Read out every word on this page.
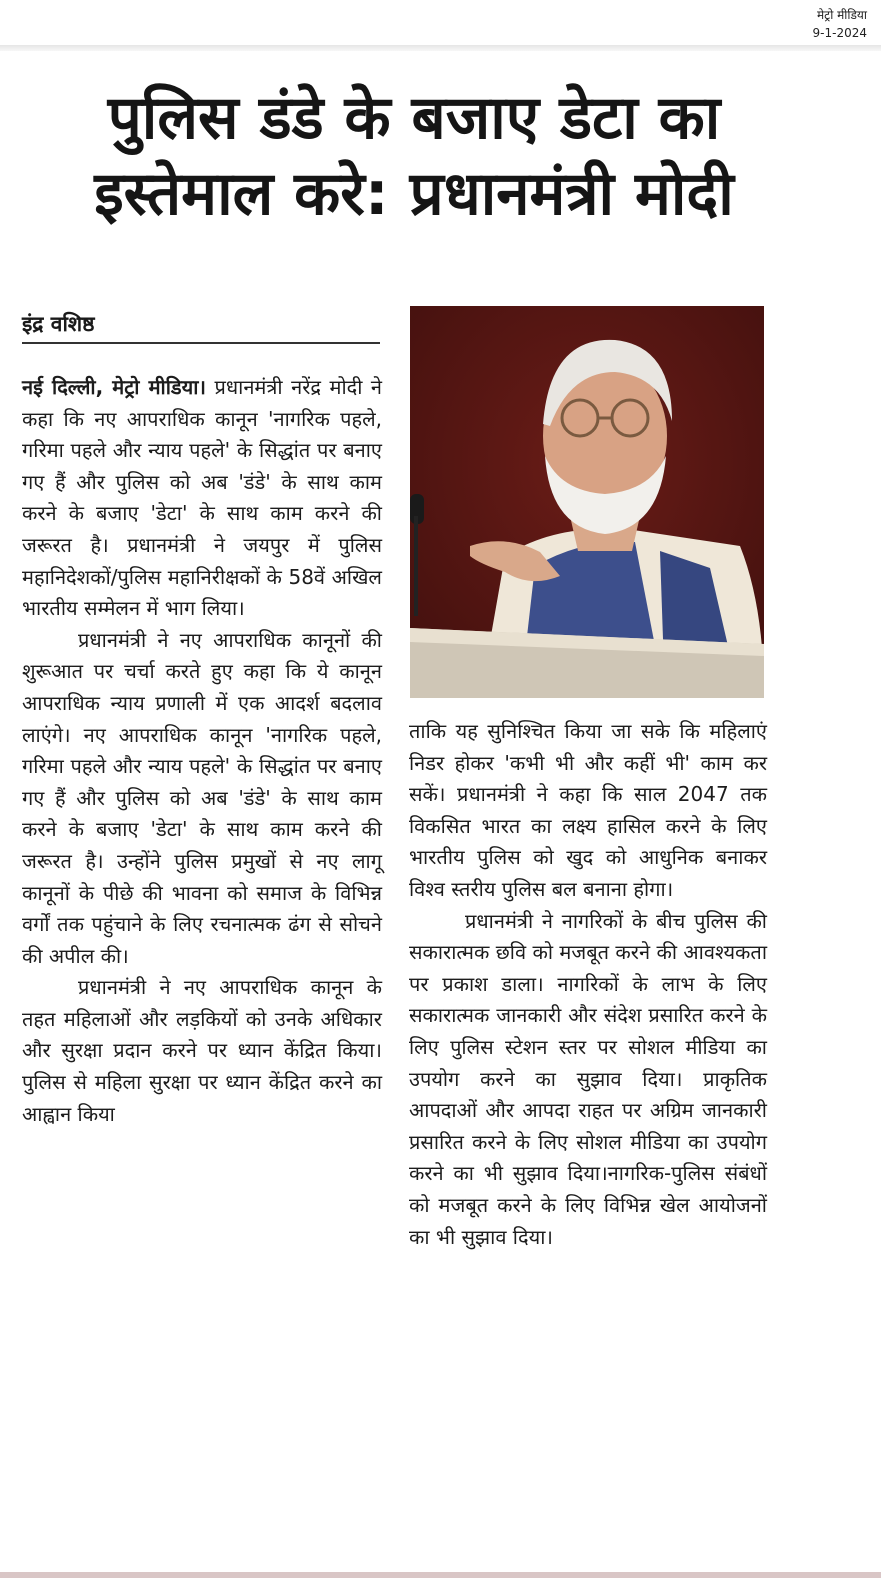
मेट्रो मीडिया
9-1-2024
पुलिस डंडे के बजाए डेटा का इस्तेमाल करे: प्रधानमंत्री मोदी
इंद्र वशिष्ठ

नई दिल्ली, मेट्रो मीडिया। प्रधानमंत्री नरेंद्र मोदी ने कहा कि नए आपराधिक कानून 'नागरिक पहले, गरिमा पहले और न्याय पहले' के सिद्धांत पर बनाए गए हैं और पुलिस को अब 'डंडे' के साथ काम करने के बजाए 'डेटा' के साथ काम करने की जरूरत है। प्रधानमंत्री ने जयपुर में पुलिस महानिदेशकों/पुलिस महानिरीक्षकों के 58वें अखिल भारतीय सम्मेलन में भाग लिया।

प्रधानमंत्री ने नए आपराधिक कानूनों की शुरूआत पर चर्चा करते हुए कहा कि ये कानून आपराधिक न्याय प्रणाली में एक आदर्श बदलाव लाएंगे। नए आपराधिक कानून 'नागरिक पहले, गरिमा पहले और न्याय पहले' के सिद्धांत पर बनाए गए हैं और पुलिस को अब 'डंडे' के साथ काम करने के बजाए 'डेटा' के साथ काम करने की जरूरत है। उन्होंने पुलिस प्रमुखों से नए लागू कानूनों के पीछे की भावना को समाज के विभिन्न वर्गों तक पहुंचाने के लिए रचनात्मक ढंग से सोचने की अपील की।

प्रधानमंत्री ने नए आपराधिक कानून के तहत महिलाओं और लड़कियों को उनके अधिकार और सुरक्षा प्रदान करने पर ध्यान केंद्रित किया। पुलिस से महिला सुरक्षा पर ध्यान केंद्रित करने का आह्वान किया

ताकि यह सुनिश्चित किया जा सके कि महिलाएं निडर होकर 'कभी भी और कहीं भी' काम कर सकें। प्रधानमंत्री ने कहा कि साल 2047 तक विकसित भारत का लक्ष्य हासिल करने के लिए भारतीय पुलिस को खुद को आधुनिक बनाकर विश्व स्तरीय पुलिस बल बनाना होगा।

प्रधानमंत्री ने नागरिकों के बीच पुलिस की सकारात्मक छवि को मजबूत करने की आवश्यकता पर प्रकाश डाला। नागरिकों के लाभ के लिए सकारात्मक जानकारी और संदेश प्रसारित करने के लिए पुलिस स्टेशन स्तर पर सोशल मीडिया का उपयोग करने का सुझाव दिया। प्राकृतिक आपदाओं और आपदा राहत पर अग्रिम जानकारी प्रसारित करने के लिए सोशल मीडिया का उपयोग करने का भी सुझाव दिया।नागरिक-पुलिस संबंधों को मजबूत करने के लिए विभिन्न खेल आयोजनों का भी सुझाव दिया।
